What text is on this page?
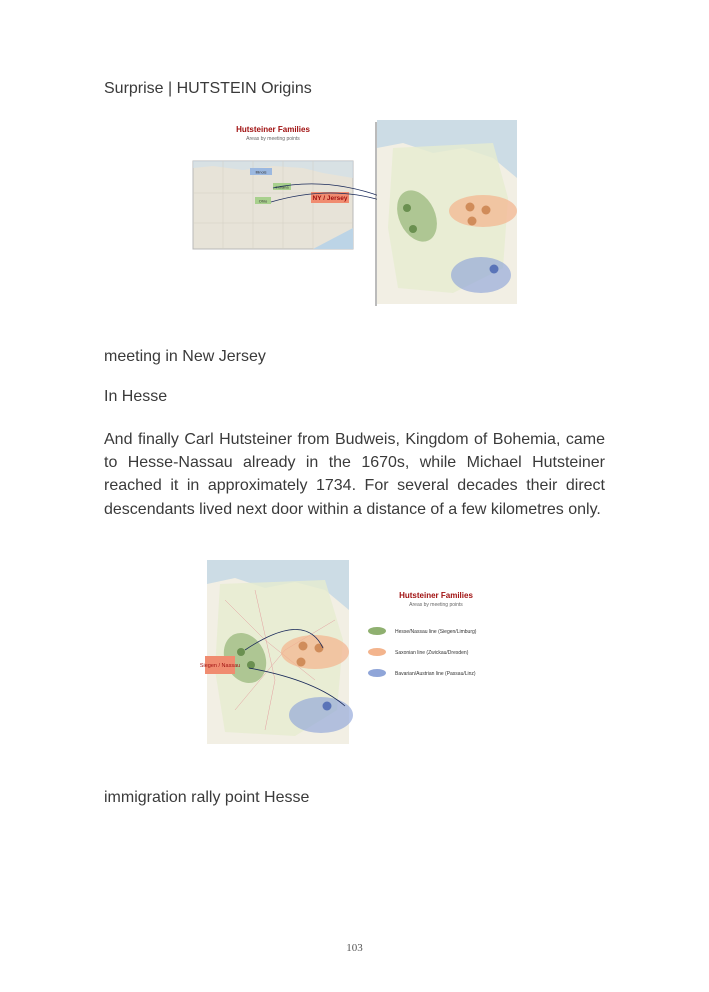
Surprise | HUTSTEIN Origins
Hutsteiner Families
Areas by meeting points
Illinois
Indiana
Ohio	NY / Jersey
meeting in New Jersey
In Hesse
And finally Carl Hutsteiner from Budweis, Kingdom of Bohemia, came to Hesse-Nassau already in the 1670s, while Michael Hutsteiner reached it in approximately 1734. For several decades their direct descendants lived next door within a distance of a few kilometres only.
Siegen / Nassau
Hutsteiner Families
Areas by meeting points
Hesse/Nassau line (Siegen/Limburg)
Saxonian line (Zwickau/Dresden)
Bavarian/Austrian line (Passau/Linz)
immigration rally point Hesse
103
